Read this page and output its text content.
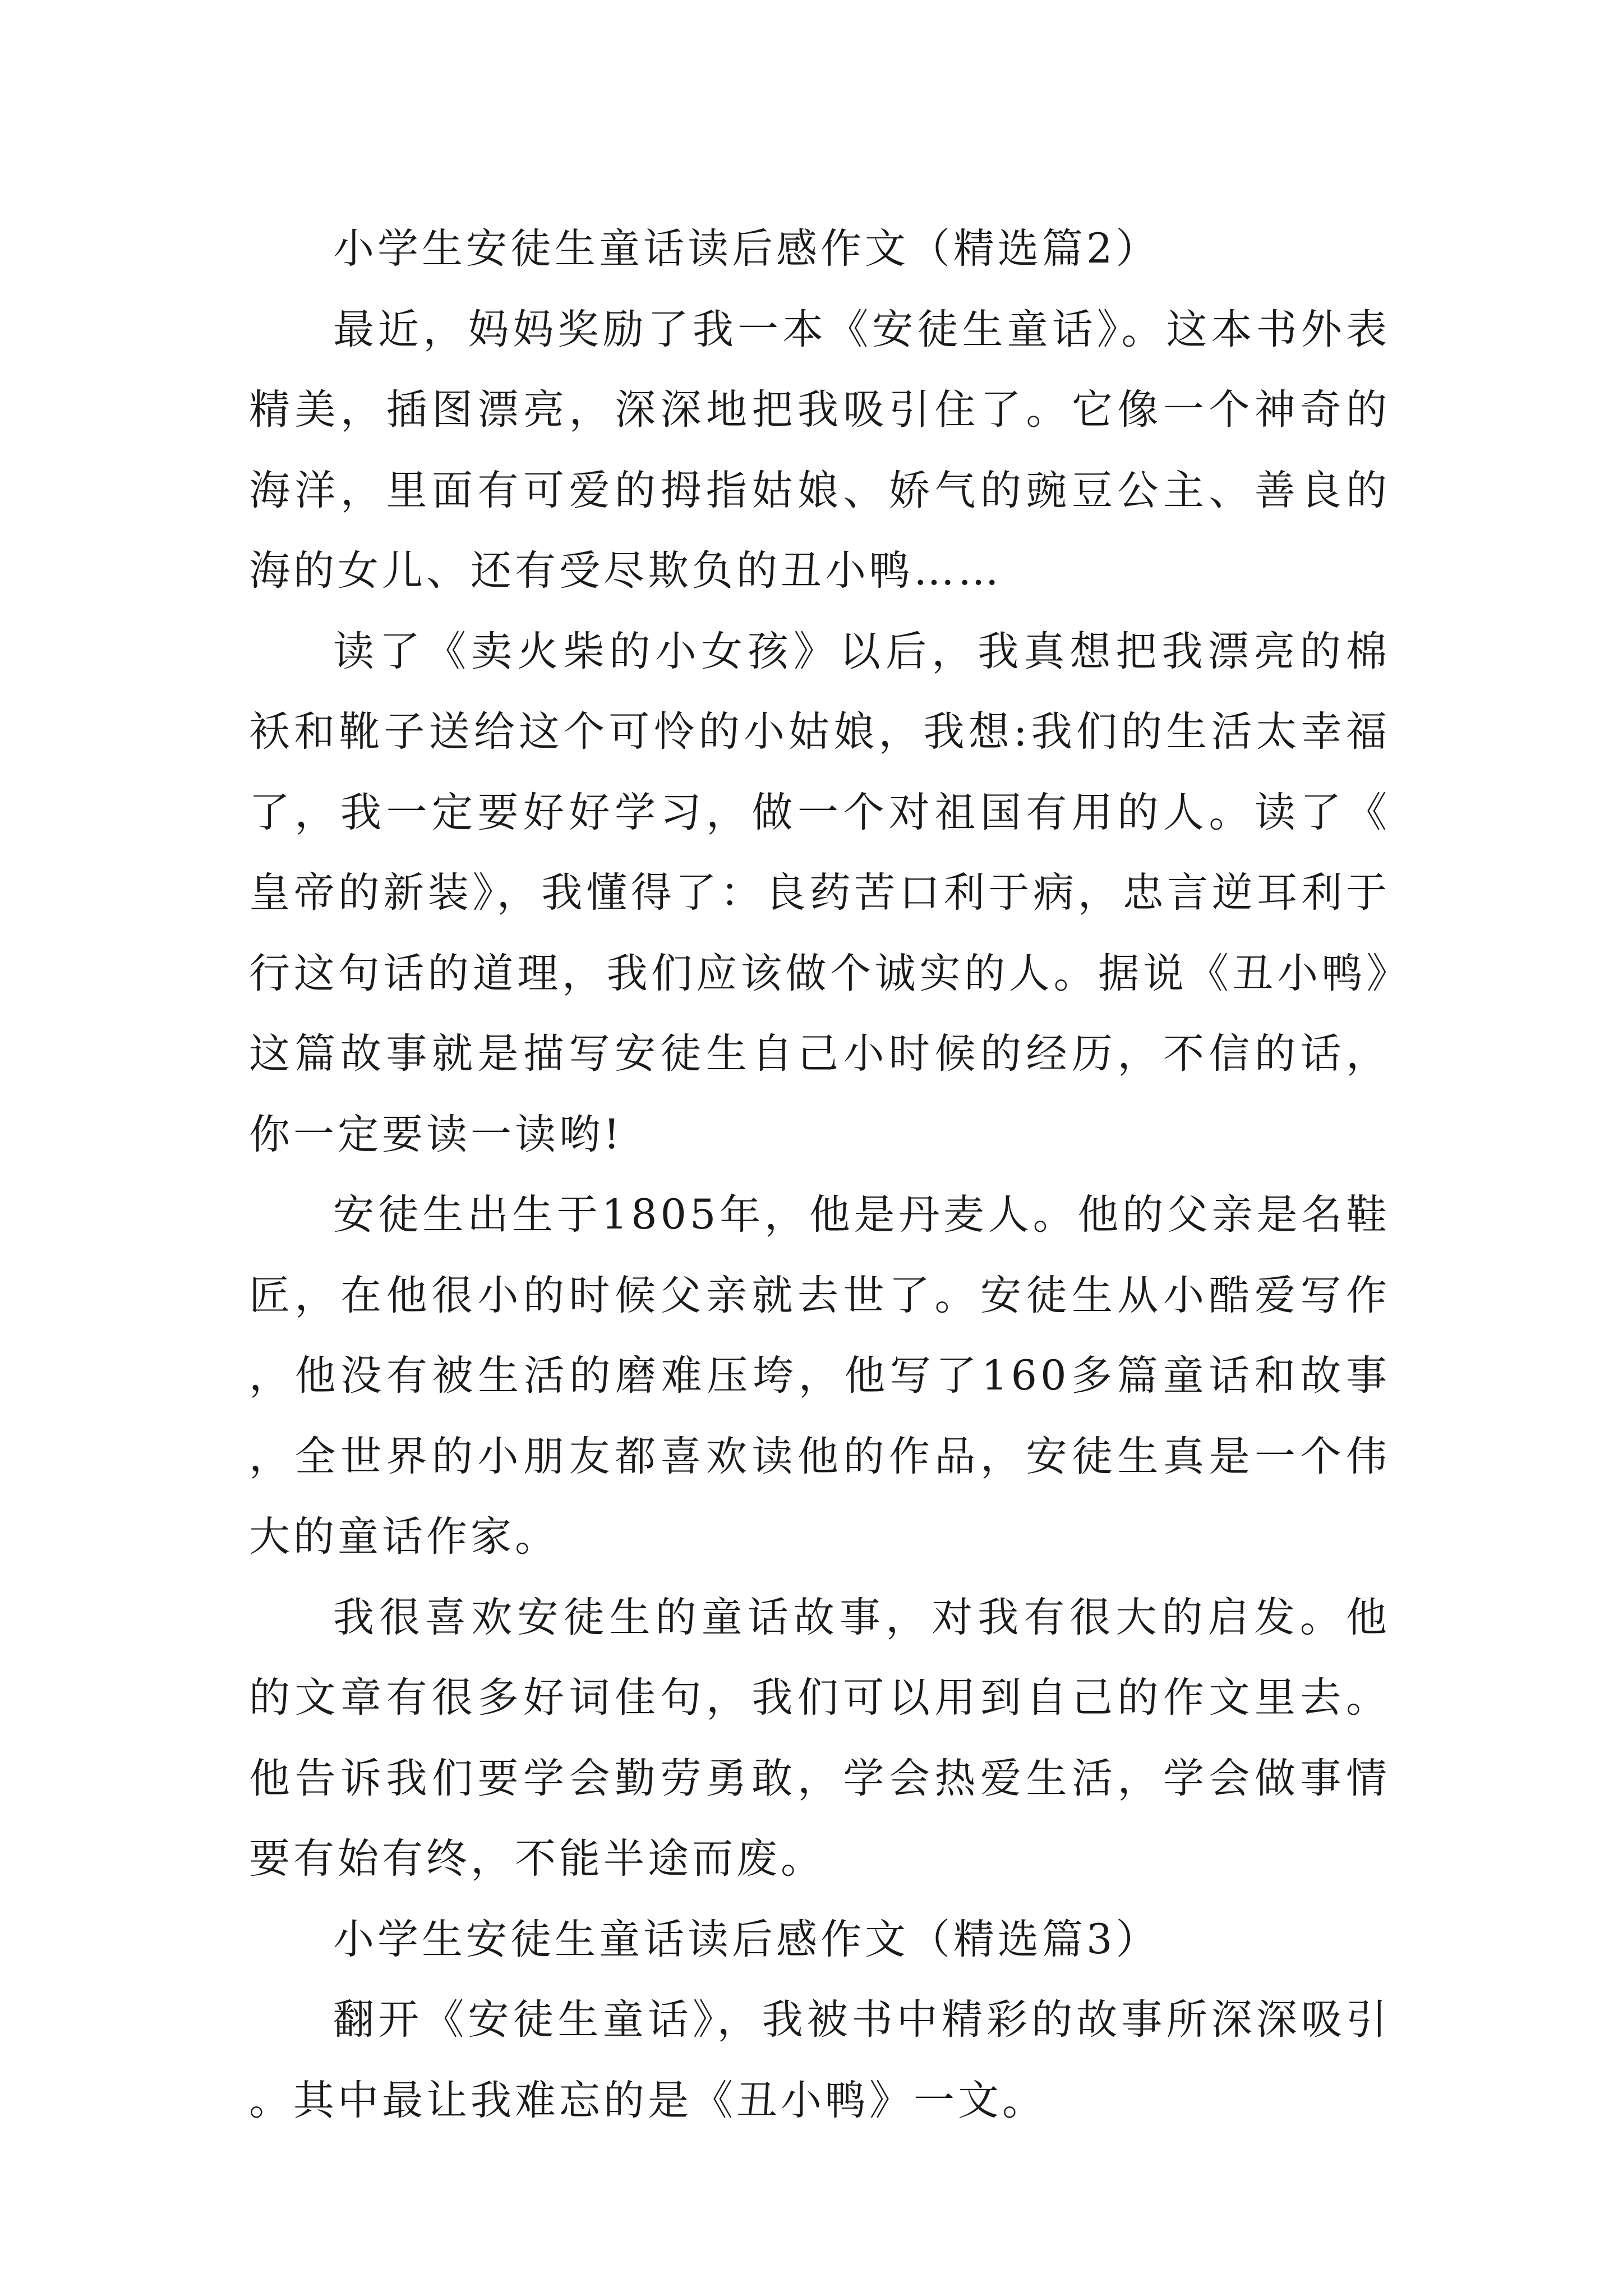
小学生安徒生童话读后感作文（精选篇2）

最近，妈妈奖励了我一本《安徒生童话》。这本书外表精美，插图漂亮，深深地把我吸引住了。它像一个神奇的海洋，里面有可爱的拇指姑娘、娇气的豌豆公主、善良的海的女儿、还有受尽欺负的丑小鸭……

读了《卖火柴的小女孩》以后，我真想把我漂亮的棉袄和靴子送给这个可怜的小姑娘，我想:我们的生活太幸福了，我一定要好好学习，做一个对祖国有用的人。读了《皇帝的新装》，我懂得了：良药苦口利于病，忠言逆耳利于行这句话的道理，我们应该做个诚实的人。据说《丑小鸭》这篇故事就是描写安徒生自己小时候的经历，不信的话，你一定要读一读哟!

安徒生出生于1805年，他是丹麦人。他的父亲是名鞋匠，在他很小的时候父亲就去世了。安徒生从小酷爱写作，他没有被生活的磨难压垮，他写了160多篇童话和故事，全世界的小朋友都喜欢读他的作品，安徒生真是一个伟大的童话作家。

我很喜欢安徒生的童话故事，对我有很大的启发。他的文章有很多好词佳句，我们可以用到自己的作文里去。他告诉我们要学会勤劳勇敢，学会热爱生活，学会做事情要有始有终，不能半途而废。

小学生安徒生童话读后感作文（精选篇3）

翻开《安徒生童话》，我被书中精彩的故事所深深吸引。其中最让我难忘的是《丑小鸭》一文。
